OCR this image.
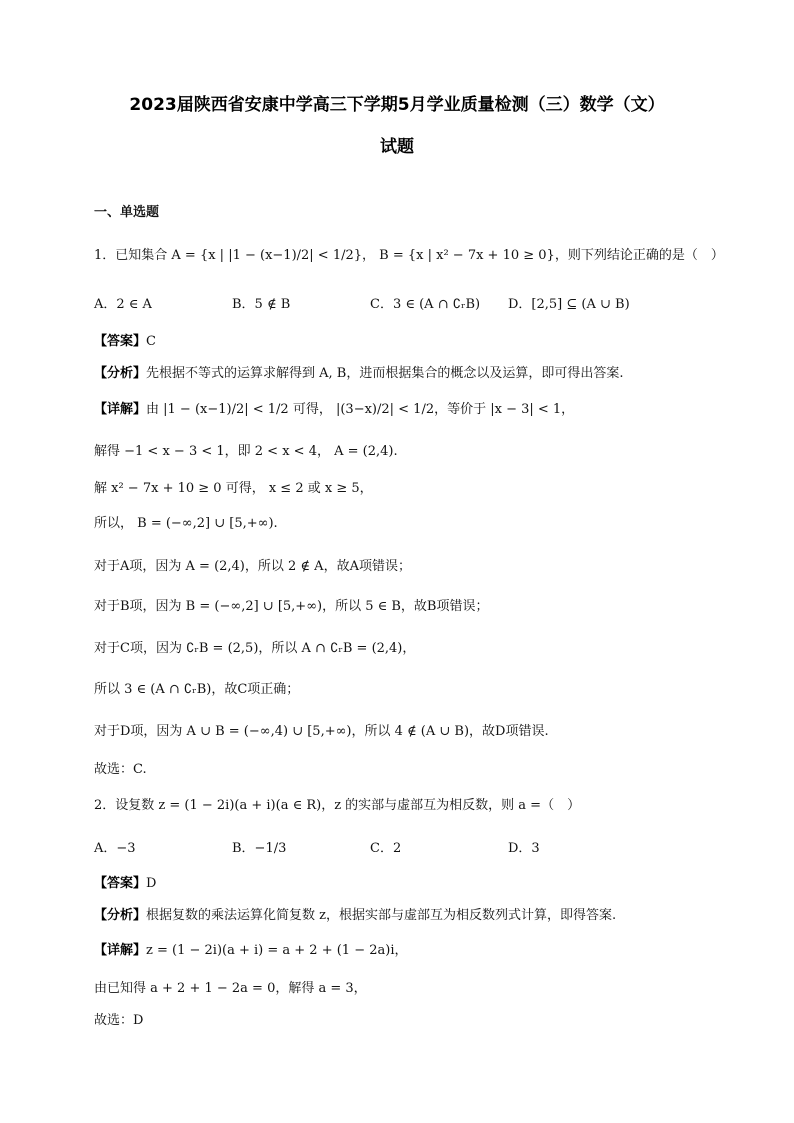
2023届陕西省安康中学高三下学期5月学业质量检测（三）数学（文）
试题
一、单选题
1．已知集合 A = {x | |1 − (x−1)/2| < 1/2}， B = {x | x² − 7x + 10 ≥ 0}，则下列结论正确的是（　）
A．2 ∈ A	B．5 ∉ B	C．3 ∈ (A ∩ ∁ᵣB) D．[2,5] ⊆ (A ∪ B)
【答案】C
【分析】先根据不等式的运算求解得到 A, B，进而根据集合的概念以及运算，即可得出答案.
【详解】由 |1 − (x−1)/2| < 1/2 可得， |(3−x)/2| < 1/2，等价于 |x − 3| < 1，
解得 −1 < x − 3 < 1，即 2 < x < 4， A = (2,4).
解 x² − 7x + 10 ≥ 0 可得， x ≤ 2 或 x ≥ 5，
所以， B = (−∞,2] ∪ [5,+∞).
对于A项，因为 A = (2,4)，所以 2 ∉ A，故A项错误；
对于B项，因为 B = (−∞,2] ∪ [5,+∞)，所以 5 ∈ B，故B项错误；
对于C项，因为 ∁ᵣB = (2,5)，所以 A ∩ ∁ᵣB = (2,4)，
所以 3 ∈ (A ∩ ∁ᵣB)，故C项正确；
对于D项，因为 A ∪ B = (−∞,4) ∪ [5,+∞)，所以 4 ∉ (A ∪ B)，故D项错误.
故选：C.
2．设复数 z = (1 − 2i)(a + i)(a ∈ R)，z 的实部与虚部互为相反数，则 a =（　）
A．−3	B．−1/3	C．2	D．3
【答案】D
【分析】根据复数的乘法运算化简复数 z，根据实部与虚部互为相反数列式计算，即得答案.
【详解】z = (1 − 2i)(a + i) = a + 2 + (1 − 2a)i，
由已知得 a + 2 + 1 − 2a = 0，解得 a = 3，
故选：D
